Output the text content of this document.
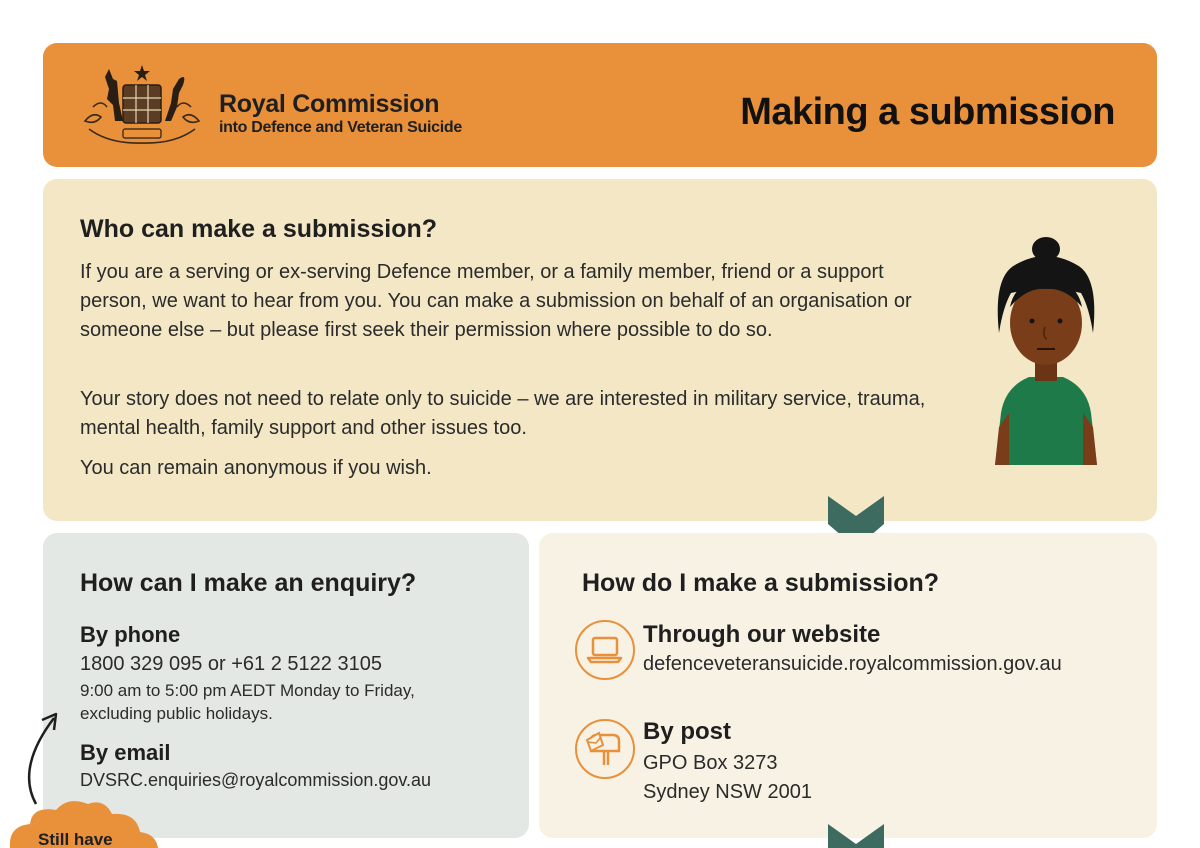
Royal Commission
into Defence and Veteran Suicide	Making a submission
Who can make a submission?

If you are a serving or ex-serving Defence member, or a family member, friend or a support person, we want to hear from you. You can make a submission on behalf of an organisation or someone else – but please first seek their permission where possible to do so.

Your story does not need to relate only to suicide – we are interested in military service, trauma, mental health, family support and other issues too.

You can remain anonymous if you wish.

How can I make an enquiry?
By phone
1800 329 095 or +61 2 5122 3105
9:00 am to 5:00 pm AEDT Monday to Friday, excluding public holidays.
By email
DVSRC.enquiries@royalcommission.gov.au
How do I make a submission?
Through our website
defenceveteransuicide.royalcommission.gov.au
By post
GPO Box 3273
Sydney NSW 2001
Still have
